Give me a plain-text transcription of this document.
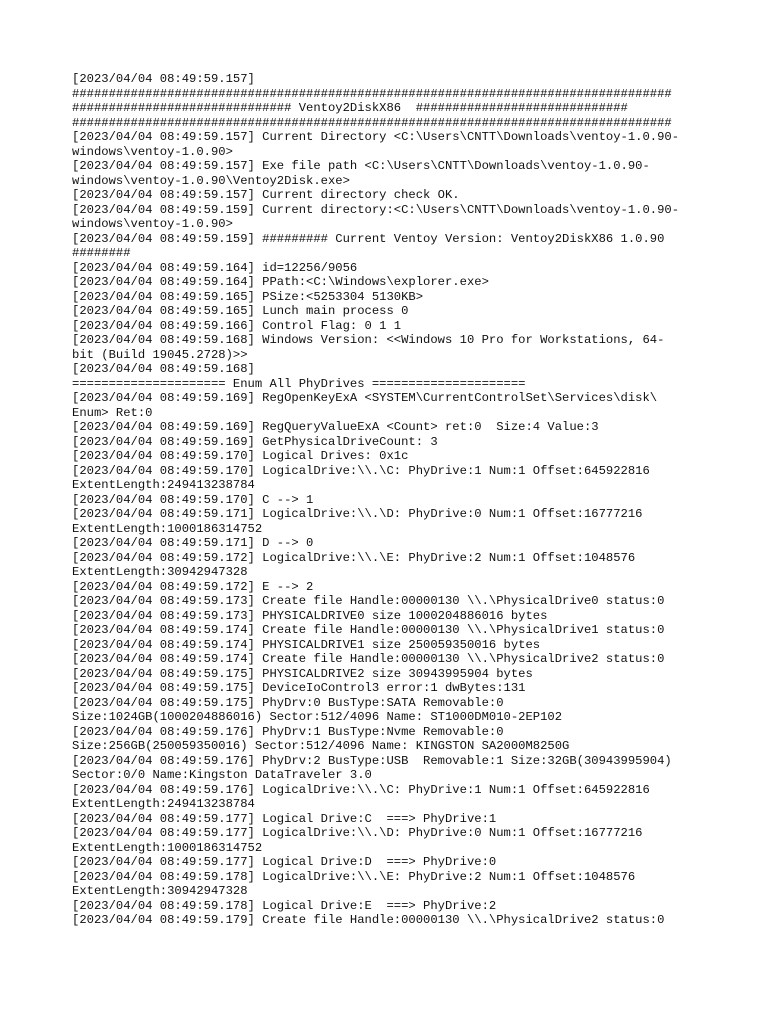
[2023/04/04 08:49:59.157]
##################################################################################
############################## Ventoy2DiskX86  #############################
##################################################################################
[2023/04/04 08:49:59.157] Current Directory <C:\Users\CNTT\Downloads\ventoy-1.0.90-
windows\ventoy-1.0.90>
[2023/04/04 08:49:59.157] Exe file path <C:\Users\CNTT\Downloads\ventoy-1.0.90-
windows\ventoy-1.0.90\Ventoy2Disk.exe>
[2023/04/04 08:49:59.157] Current directory check OK.
[2023/04/04 08:49:59.159] Current directory:<C:\Users\CNTT\Downloads\ventoy-1.0.90-
windows\ventoy-1.0.90>
[2023/04/04 08:49:59.159] ######### Current Ventoy Version: Ventoy2DiskX86 1.0.90
########
[2023/04/04 08:49:59.164] id=12256/9056
[2023/04/04 08:49:59.164] PPath:<C:\Windows\explorer.exe>
[2023/04/04 08:49:59.165] PSize:<5253304 5130KB>
[2023/04/04 08:49:59.165] Lunch main process 0
[2023/04/04 08:49:59.166] Control Flag: 0 1 1
[2023/04/04 08:49:59.168] Windows Version: <<Windows 10 Pro for Workstations, 64-
bit (Build 19045.2728)>>
[2023/04/04 08:49:59.168]
===================== Enum All PhyDrives =====================
[2023/04/04 08:49:59.169] RegOpenKeyExA <SYSTEM\CurrentControlSet\Services\disk\
Enum> Ret:0
[2023/04/04 08:49:59.169] RegQueryValueExA <Count> ret:0  Size:4 Value:3
[2023/04/04 08:49:59.169] GetPhysicalDriveCount: 3
[2023/04/04 08:49:59.170] Logical Drives: 0x1c
[2023/04/04 08:49:59.170] LogicalDrive:\\.\C: PhyDrive:1 Num:1 Offset:645922816
ExtentLength:249413238784
[2023/04/04 08:49:59.170] C --> 1
[2023/04/04 08:49:59.171] LogicalDrive:\\.\D: PhyDrive:0 Num:1 Offset:16777216
ExtentLength:1000186314752
[2023/04/04 08:49:59.171] D --> 0
[2023/04/04 08:49:59.172] LogicalDrive:\\.\E: PhyDrive:2 Num:1 Offset:1048576
ExtentLength:30942947328
[2023/04/04 08:49:59.172] E --> 2
[2023/04/04 08:49:59.173] Create file Handle:00000130 \\.\PhysicalDrive0 status:0
[2023/04/04 08:49:59.173] PHYSICALDRIVE0 size 1000204886016 bytes
[2023/04/04 08:49:59.174] Create file Handle:00000130 \\.\PhysicalDrive1 status:0
[2023/04/04 08:49:59.174] PHYSICALDRIVE1 size 250059350016 bytes
[2023/04/04 08:49:59.174] Create file Handle:00000130 \\.\PhysicalDrive2 status:0
[2023/04/04 08:49:59.175] PHYSICALDRIVE2 size 30943995904 bytes
[2023/04/04 08:49:59.175] DeviceIoControl3 error:1 dwBytes:131
[2023/04/04 08:49:59.175] PhyDrv:0 BusType:SATA Removable:0
Size:1024GB(1000204886016) Sector:512/4096 Name: ST1000DM010-2EP102
[2023/04/04 08:49:59.176] PhyDrv:1 BusType:Nvme Removable:0
Size:256GB(250059350016) Sector:512/4096 Name: KINGSTON SA2000M8250G
[2023/04/04 08:49:59.176] PhyDrv:2 BusType:USB  Removable:1 Size:32GB(30943995904)
Sector:0/0 Name:Kingston DataTraveler 3.0
[2023/04/04 08:49:59.176] LogicalDrive:\\.\C: PhyDrive:1 Num:1 Offset:645922816
ExtentLength:249413238784
[2023/04/04 08:49:59.177] Logical Drive:C  ===> PhyDrive:1
[2023/04/04 08:49:59.177] LogicalDrive:\\.\D: PhyDrive:0 Num:1 Offset:16777216
ExtentLength:1000186314752
[2023/04/04 08:49:59.177] Logical Drive:D  ===> PhyDrive:0
[2023/04/04 08:49:59.178] LogicalDrive:\\.\E: PhyDrive:2 Num:1 Offset:1048576
ExtentLength:30942947328
[2023/04/04 08:49:59.178] Logical Drive:E  ===> PhyDrive:2
[2023/04/04 08:49:59.179] Create file Handle:00000130 \\.\PhysicalDrive2 status:0
